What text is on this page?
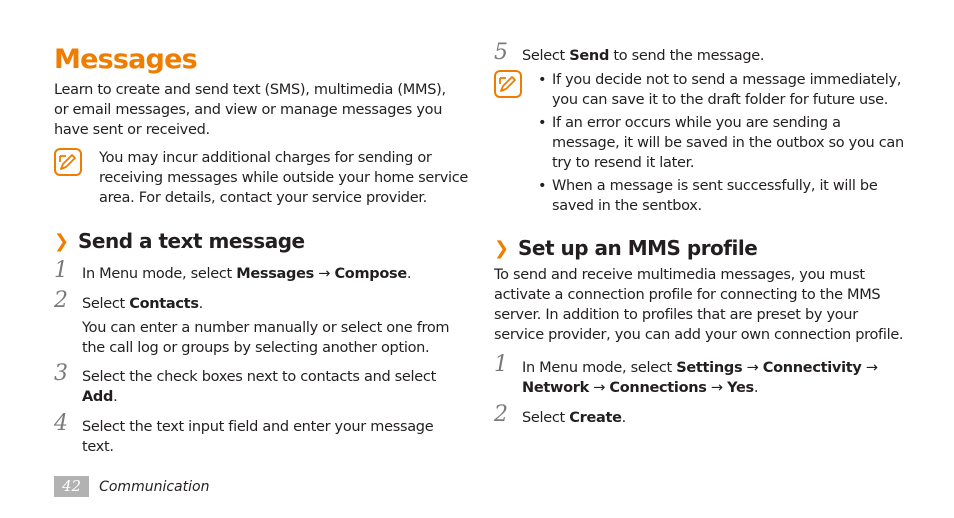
Messages

Learn to create and send text (SMS), multimedia (MMS), or email messages, and view or manage messages you have sent or received.

You may incur additional charges for sending or receiving messages while outside your home service area. For details, contact your service provider.

❯ Send a text message
1 In Menu mode, select Messages → Compose.

2 Select Contacts.

You can enter a number manually or select one from the call log or groups by selecting another option.

3 Select the check boxes next to contacts and select Add.

4 Select the text input field and enter your message text.

42	Communication
5 Select Send to send the message.

• If you decide not to send a message immediately, you can save it to the draft folder for future use.
• If an error occurs while you are sending a message, it will be saved in the outbox so you can try to resend it later.
• When a message is sent successfully, it will be saved in the sentbox.
❯ Set up an MMS profile

To send and receive multimedia messages, you must activate a connection profile for connecting to the MMS server. In addition to profiles that are preset by your service provider, you can add your own connection profile.

1 In Menu mode, select Settings → Connectivity →
Network → Connections → Yes.

2 Select Create.
